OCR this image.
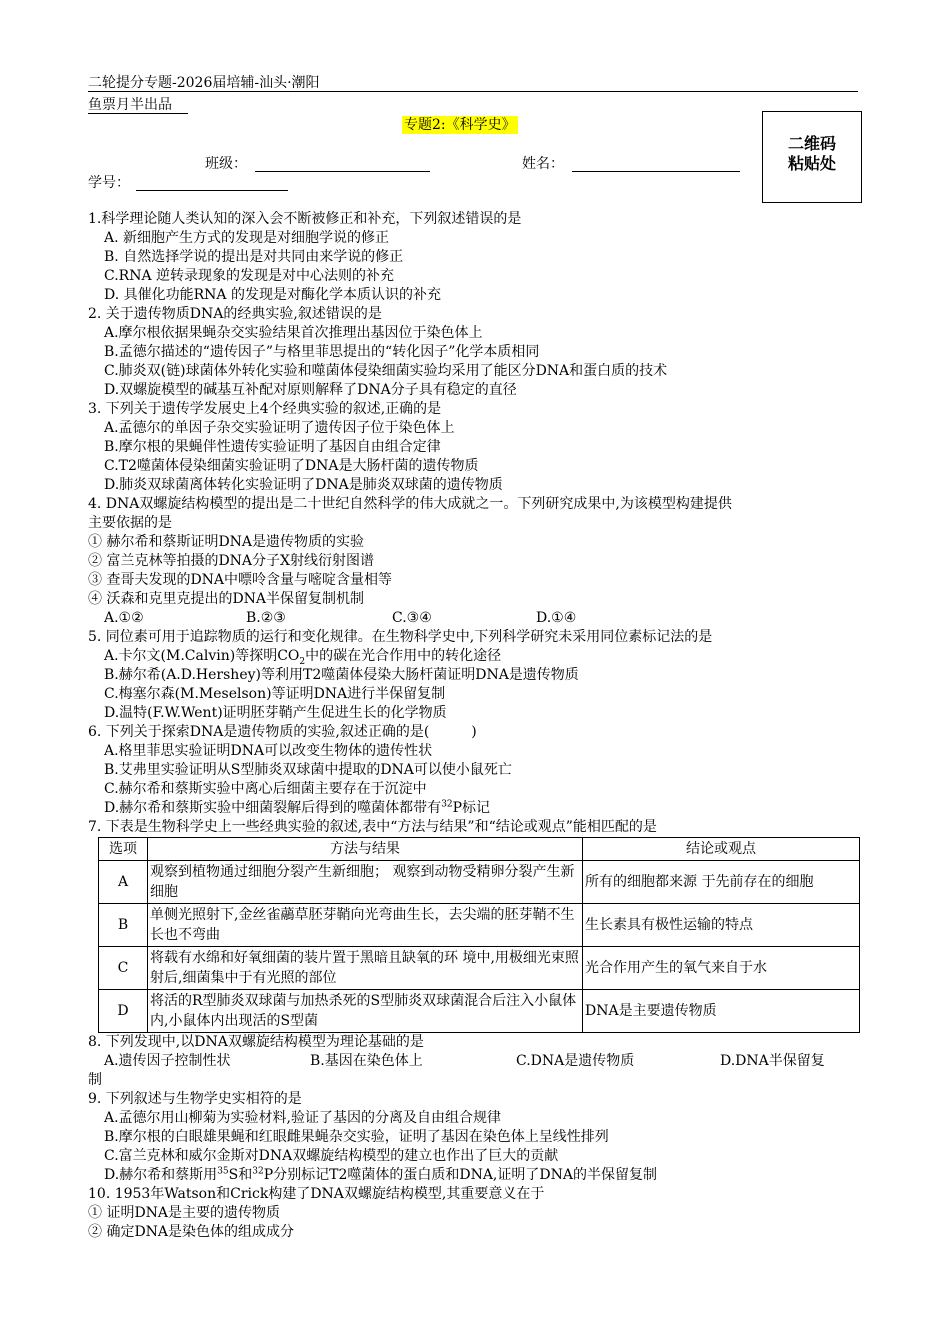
二轮提分专题-2026届培辅-汕头·潮阳
鱼票月半出品
专题2:《科学史》
二维码
粘贴处
班级：	姓名：
学号：

1.科学理论随人类认知的深入会不断被修正和补充，下列叙述错误的是

A. 新细胞产生方式的发现是对细胞学说的修正

B. 自然选择学说的提出是对共同由来学说的修正

C.RNA 逆转录现象的发现是对中心法则的补充

D. 具催化功能RNA 的发现是对酶化学本质认识的补充

2. 关于遗传物质DNA的经典实验,叙述错误的是

A.摩尔根依据果蝇杂交实验结果首次推理出基因位于染色体上

B.孟德尔描述的“遗传因子”与格里菲思提出的“转化因子”化学本质相同

C.肺炎双(链)球菌体外转化实验和噬菌体侵染细菌实验均采用了能区分DNA和蛋白质的技术

D.双螺旋模型的碱基互补配对原则解释了DNA分子具有稳定的直径

3. 下列关于遗传学发展史上4个经典实验的叙述,正确的是

A.孟德尔的单因子杂交实验证明了遗传因子位于染色体上

B.摩尔根的果蝇伴性遗传实验证明了基因自由组合定律

C.T2噬菌体侵染细菌实验证明了DNA是大肠杆菌的遗传物质

D.肺炎双球菌离体转化实验证明了DNA是肺炎双球菌的遗传物质

4. DNA双螺旋结构模型的提出是二十世纪自然科学的伟大成就之一。下列研究成果中,为该模型构建提供

主要依据的是

① 赫尔希和蔡斯证明DNA是遗传物质的实验

② 富兰克林等拍摄的DNA分子X射线衍射图谱

③ 查哥夫发现的DNA中嘌呤含量与嘧啶含量相等

④ 沃森和克里克提出的DNA半保留复制机制

A.①②	B.②③	C.③④	D.①④

5. 同位素可用于追踪物质的运行和变化规律。在生物科学史中,下列科学研究未采用同位素标记法的是

A.卡尔文(M.Calvin)等探明$CO_2$中的碳在光合作用中的转化途径

B.赫尔希(A.D.Hershey)等利用T2噬菌体侵染大肠杆菌证明DNA是遗传物质

C.梅塞尔森(M.Meselson)等证明DNA进行半保留复制

D.温特(F.W.Went)证明胚芽鞘产生促进生长的化学物质

6. 下列关于探索DNA是遗传物质的实验,叙述正确的是(　　　)

A.格里菲思实验证明DNA可以改变生物体的遗传性状

B.艾弗里实验证明从S型肺炎双球菌中提取的DNA可以使小鼠死亡

C.赫尔希和蔡斯实验中离心后细菌主要存在于沉淀中

D.赫尔希和蔡斯实验中细菌裂解后得到的噬菌体都带有$^{32}$P标记

7. 下表是生物科学史上一些经典实验的叙述,表中“方法与结果”和“结论或观点”能相匹配的是

选项	方法与结果	结论或观点
A	观察到植物通过细胞分裂产生新细胞； 观察到动物受精卵分裂产生新细胞	所有的细胞都来源 于先前存在的细胞
B	单侧光照射下,金丝雀虉草胚芽鞘向光弯曲生长，去尖端的胚芽鞘不生长也不弯曲	生长素具有极性运输的特点
C	将载有水绵和好氧细菌的装片置于黑暗且缺氧的环 境中,用极细光束照射后,细菌集中于有光照的部位	光合作用产生的氧气来自于水
D	将活的R型肺炎双球菌与加热杀死的S型肺炎双球菌混合后注入小鼠体内,小鼠体内出现活的S型菌	DNA是主要遗传物质

8. 下列发现中,以DNA双螺旋结构模型为理论基础的是

A.遗传因子控制性状	B.基因在染色体上	C.DNA是遗传物质	D.DNA半保留复

制

9. 下列叙述与生物学史实相符的是

A.孟德尔用山柳菊为实验材料,验证了基因的分离及自由组合规律

B.摩尔根的白眼雄果蝇和红眼雌果蝇杂交实验，证明了基因在染色体上呈线性排列

C.富兰克林和威尔金斯对DNA双螺旋结构模型的建立也作出了巨大的贡献

D.赫尔希和蔡斯用$^{35}$S和$^{32}$P分别标记T2噬菌体的蛋白质和DNA,证明了DNA的半保留复制

10. 1953年Watson和Crick构建了DNA双螺旋结构模型,其重要意义在于

① 证明DNA是主要的遗传物质

② 确定DNA是染色体的组成成分
